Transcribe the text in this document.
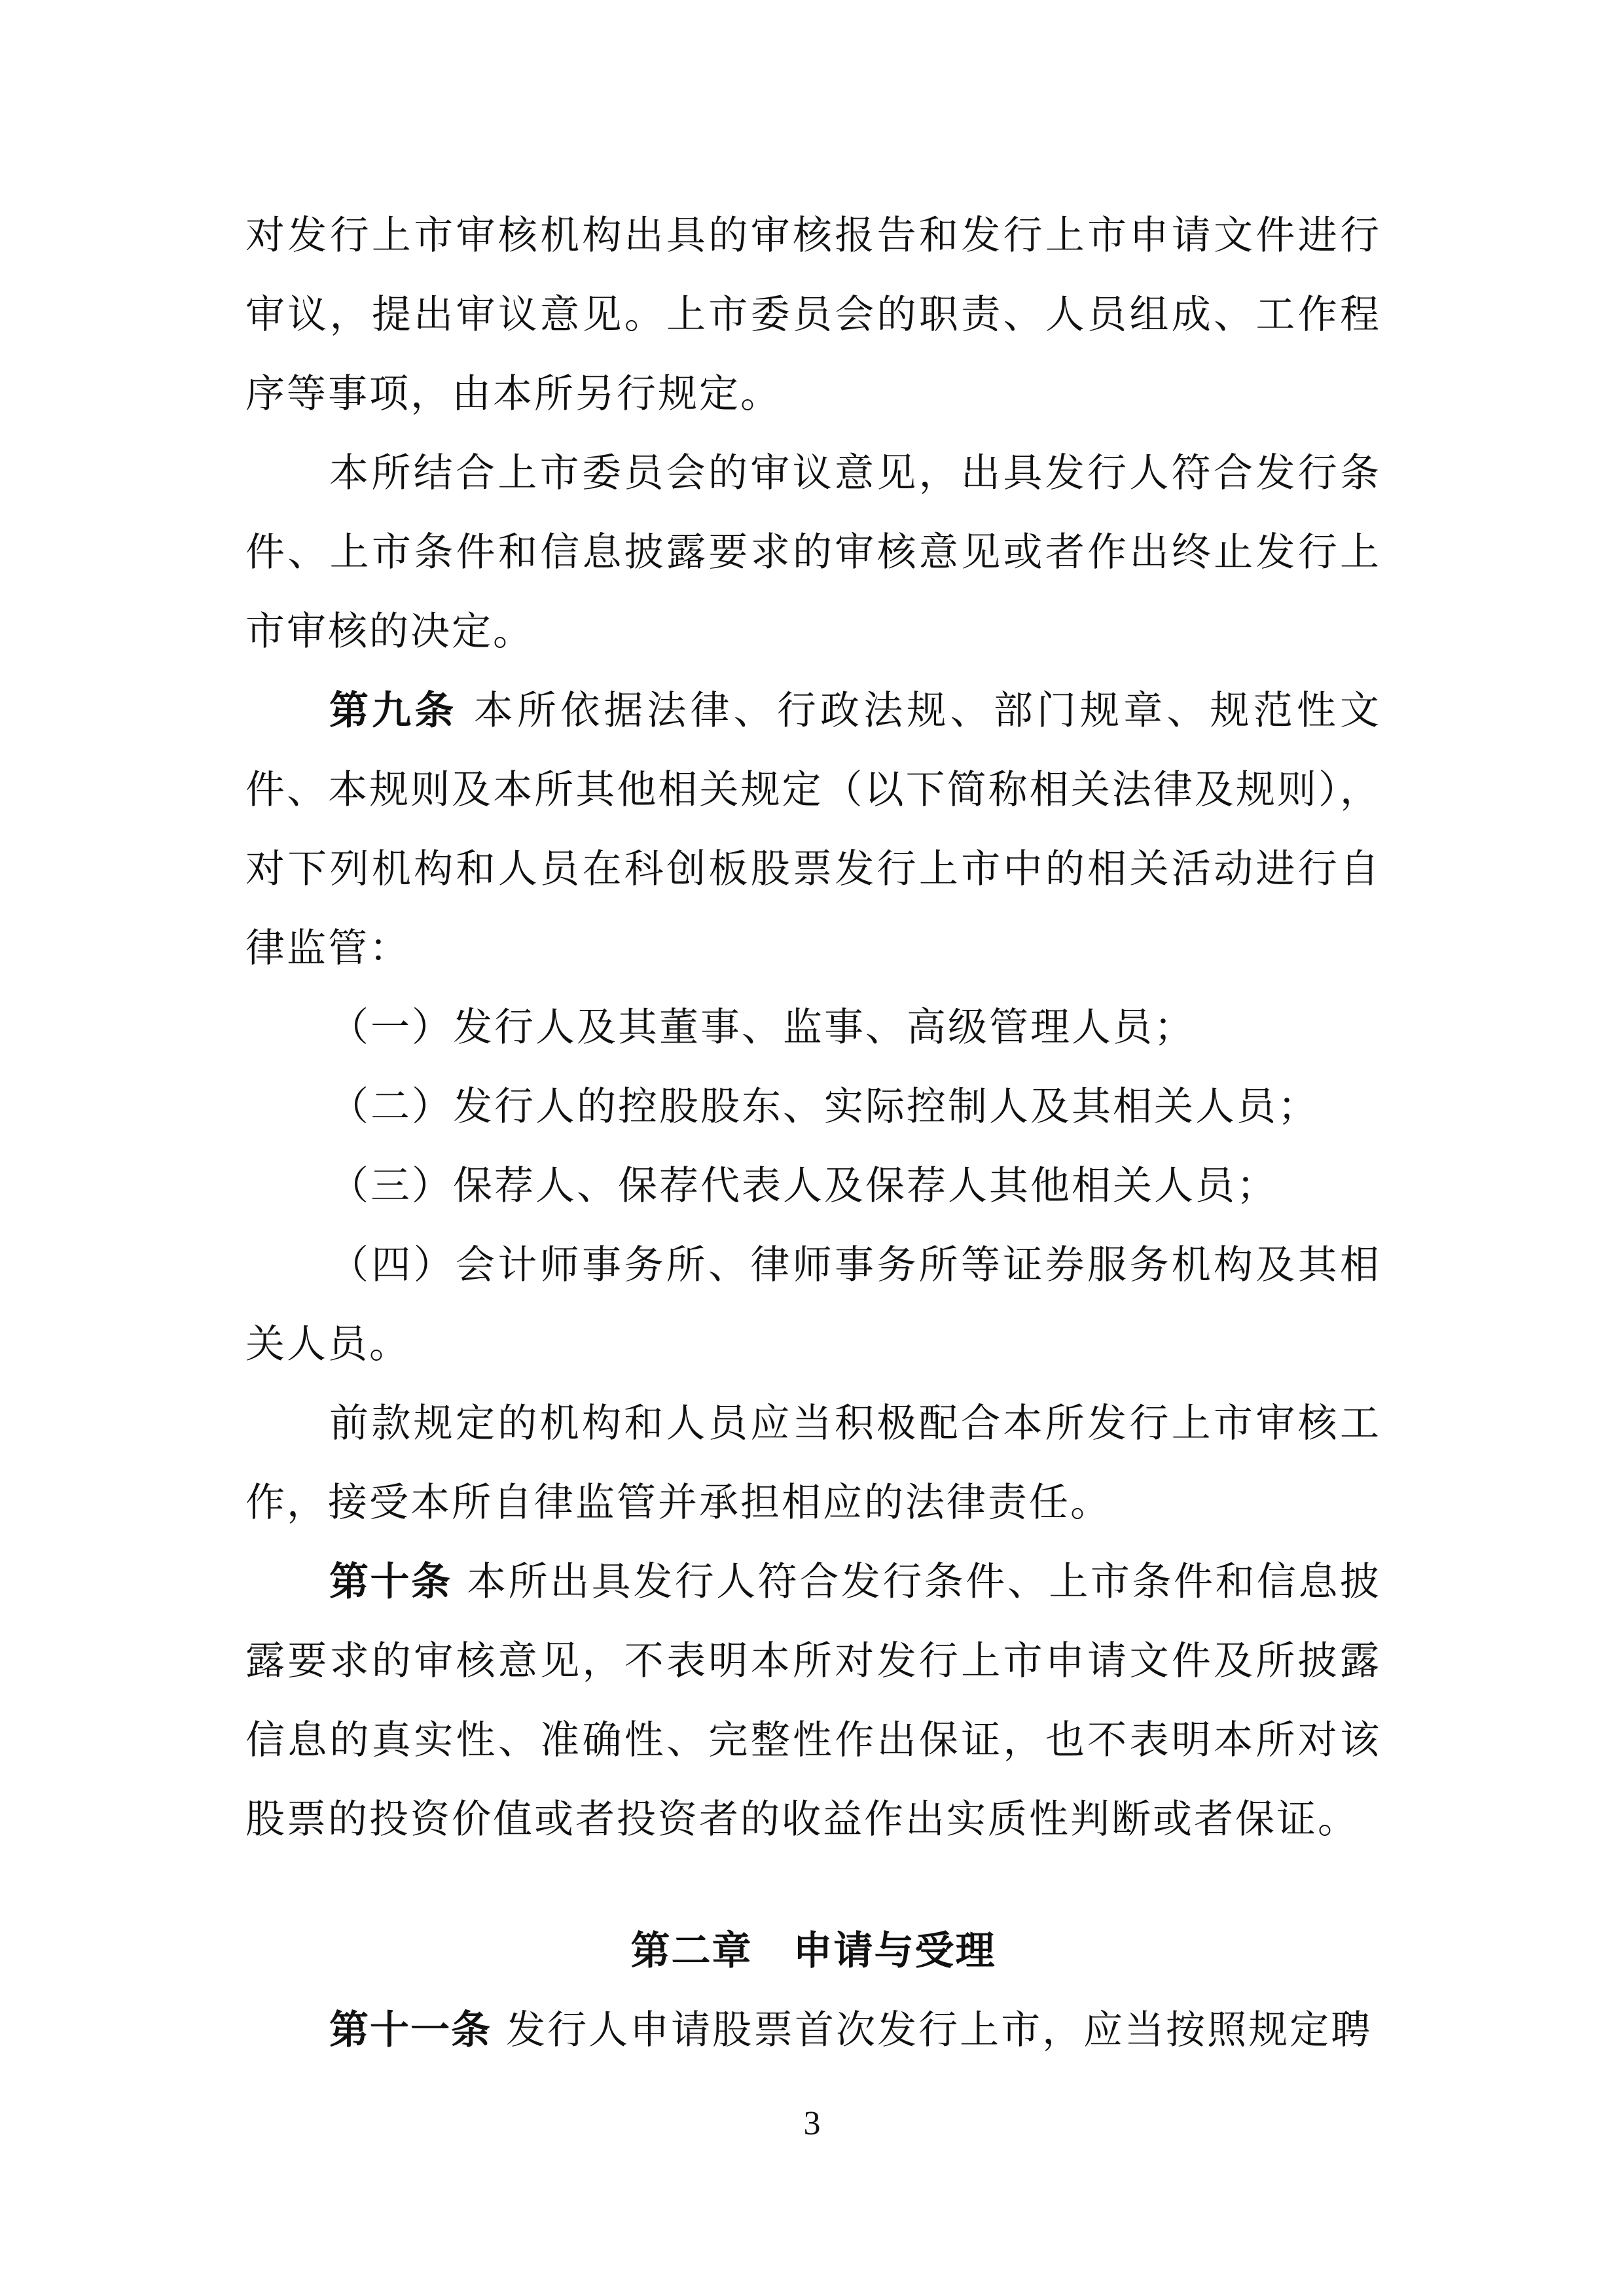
对发行上市审核机构出具的审核报告和发行上市申请文件进行审议，提出审议意见。上市委员会的职责、人员组成、工作程序等事项，由本所另行规定。

本所结合上市委员会的审议意见，出具发行人符合发行条件、上市条件和信息披露要求的审核意见或者作出终止发行上市审核的决定。

第九条 本所依据法律、行政法规、部门规章、规范性文件、本规则及本所其他相关规定（以下简称相关法律及规则），对下列机构和人员在科创板股票发行上市中的相关活动进行自律监管：

（一）发行人及其董事、监事、高级管理人员；

（二）发行人的控股股东、实际控制人及其相关人员；

（三）保荐人、保荐代表人及保荐人其他相关人员；

（四）会计师事务所、律师事务所等证券服务机构及其相关人员。

前款规定的机构和人员应当积极配合本所发行上市审核工作，接受本所自律监管并承担相应的法律责任。

第十条 本所出具发行人符合发行条件、上市条件和信息披露要求的审核意见，不表明本所对发行上市申请文件及所披露信息的真实性、准确性、完整性作出保证，也不表明本所对该股票的投资价值或者投资者的收益作出实质性判断或者保证。

第二章　申请与受理

第十一条 发行人申请股票首次发行上市，应当按照规定聘

3
